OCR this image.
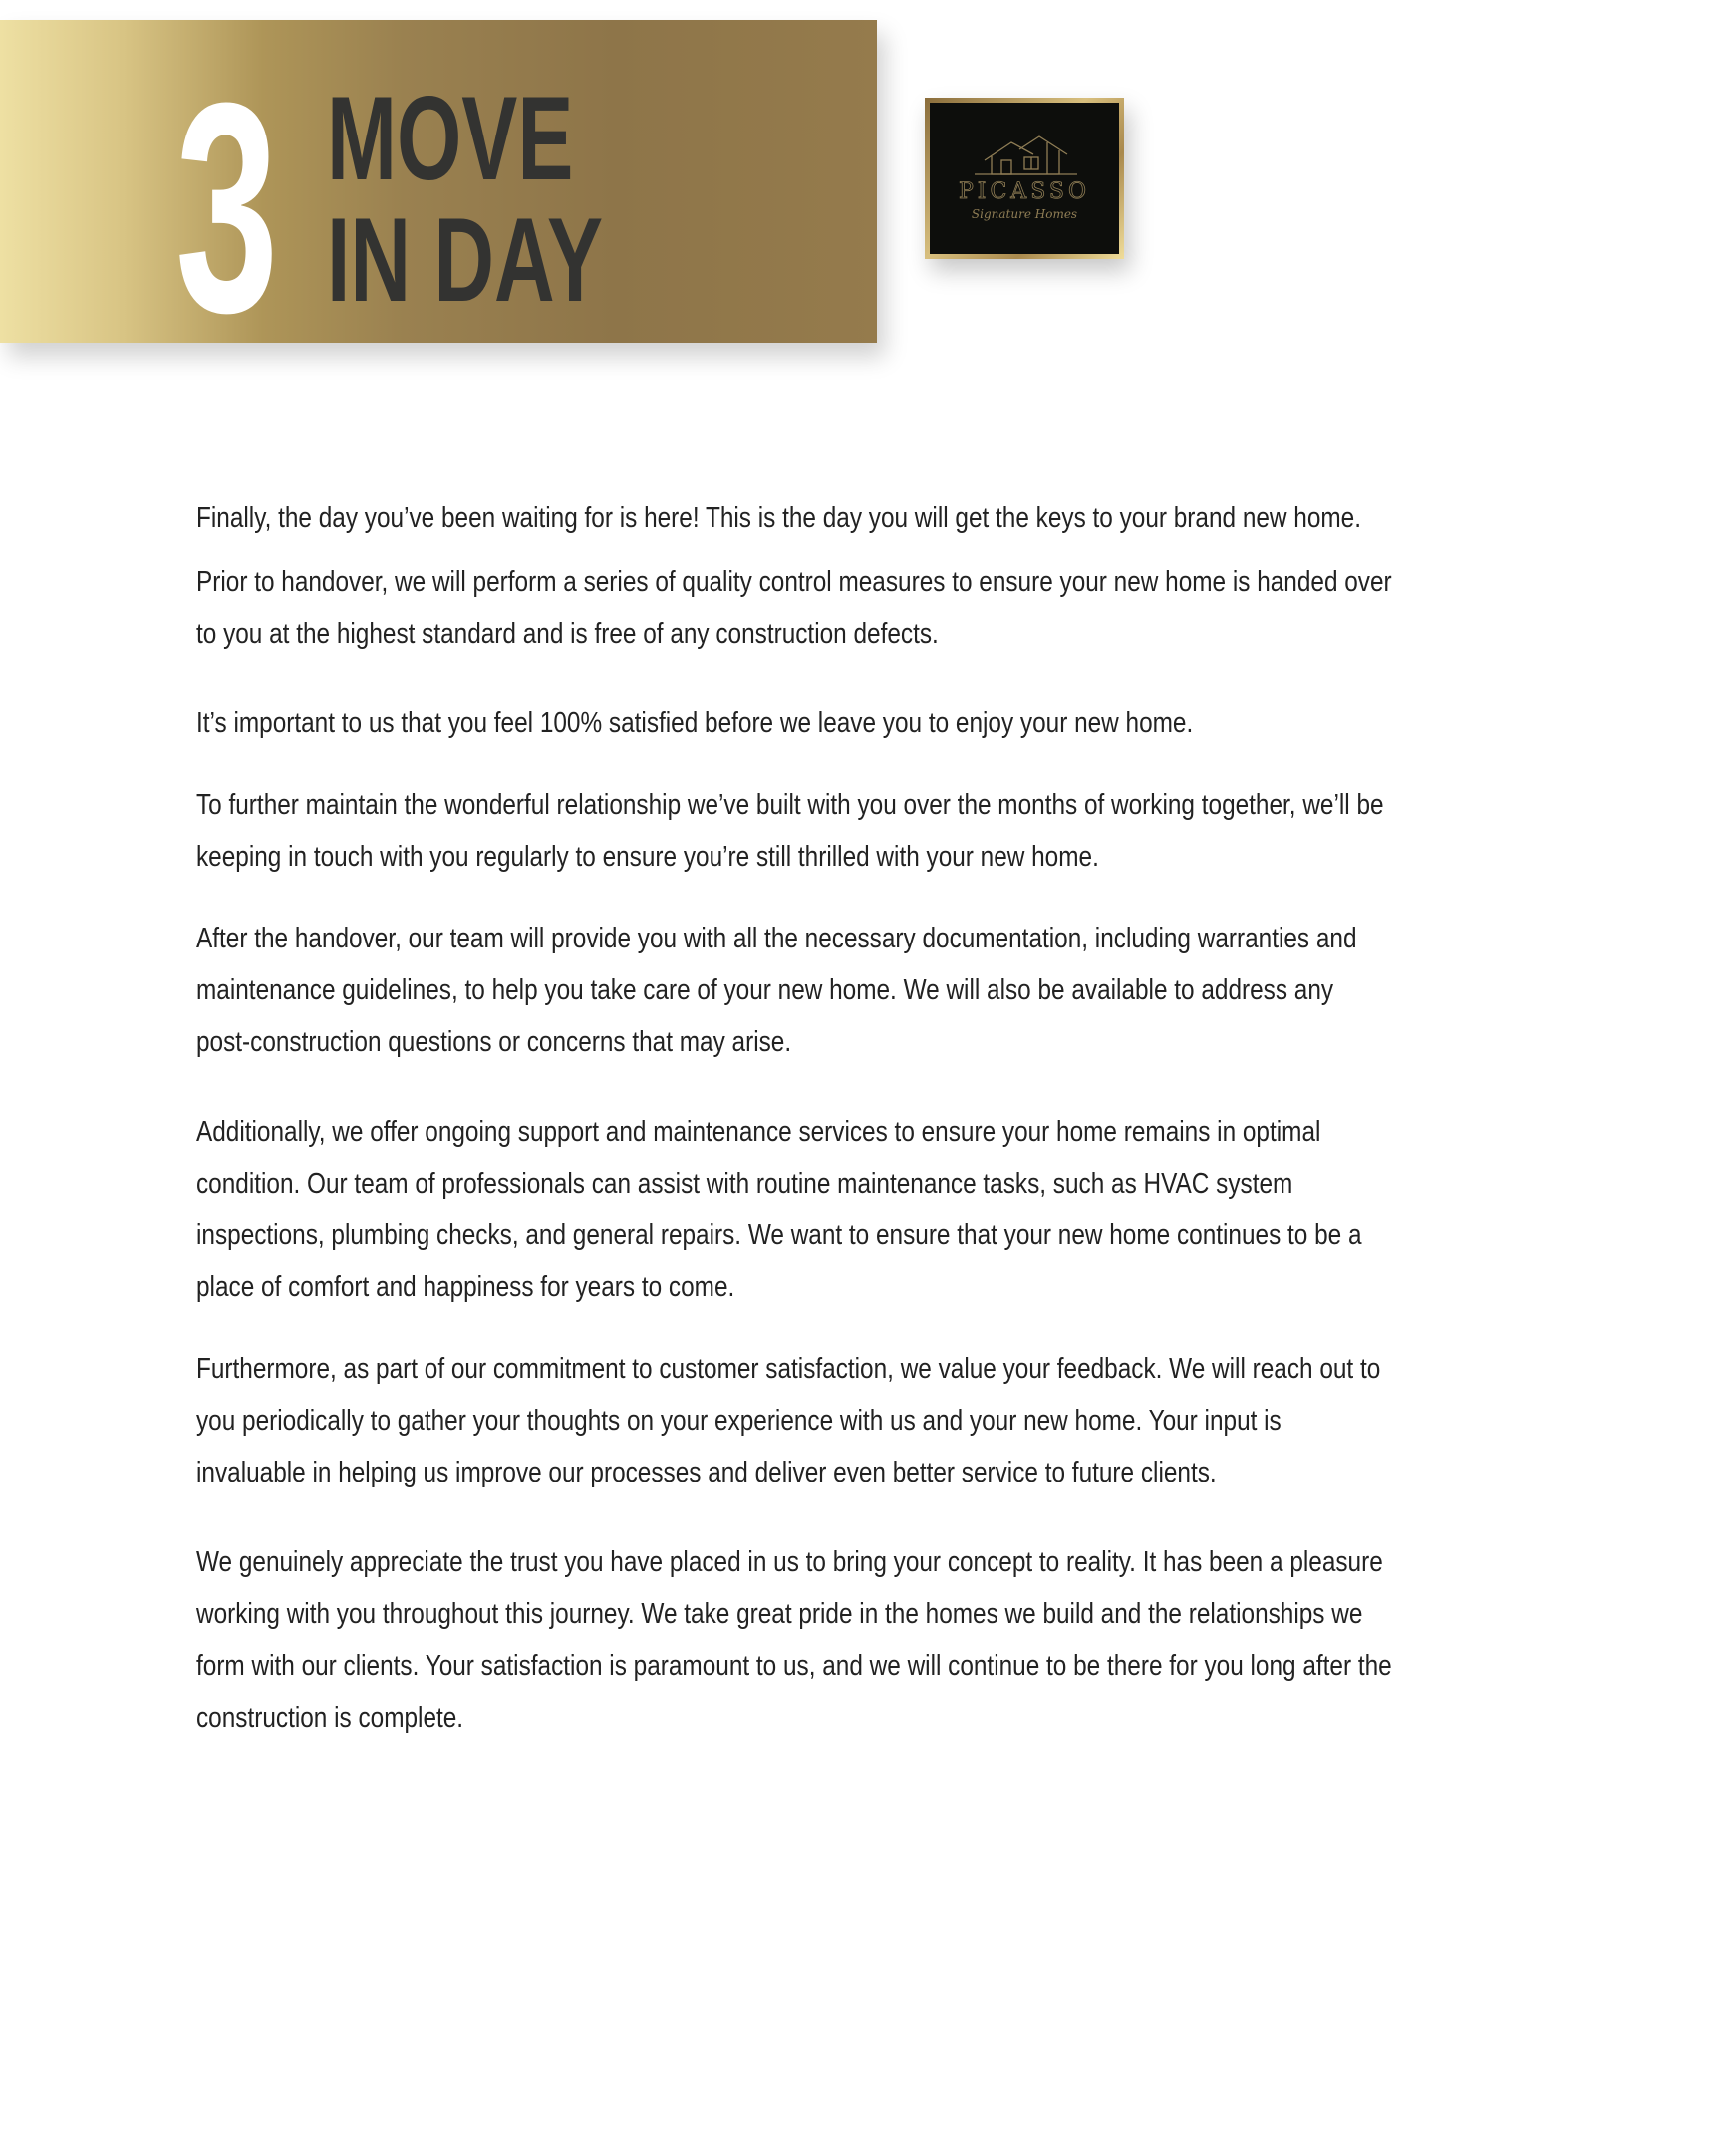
3 MOVE
IN DAY
PICASSO
Signature Homes

Finally, the day you’ve been waiting for is here! This is the day you will get the keys to your brand new home.

Prior to handover, we will perform a series of quality control measures to ensure your new home is handed over to you at the highest standard and is free of any construction defects.

It’s important to us that you feel 100% satisfied before we leave you to enjoy your new home.

To further maintain the wonderful relationship we’ve built with you over the months of working together, we’ll be keeping in touch with you regularly to ensure you’re still thrilled with your new home.

After the handover, our team will provide you with all the necessary documentation, including warranties and maintenance guidelines, to help you take care of your new home. We will also be available to address any post-construction questions or concerns that may arise.

Additionally, we offer ongoing support and maintenance services to ensure your home remains in optimal condition. Our team of professionals can assist with routine maintenance tasks, such as HVAC system inspections, plumbing checks, and general repairs. We want to ensure that your new home continues to be a place of comfort and happiness for years to come.

Furthermore, as part of our commitment to customer satisfaction, we value your feedback. We will reach out to you periodically to gather your thoughts on your experience with us and your new home. Your input is invaluable in helping us improve our processes and deliver even better service to future clients.

We genuinely appreciate the trust you have placed in us to bring your concept to reality. It has been a pleasure working with you throughout this journey. We take great pride in the homes we build and the relationships we form with our clients. Your satisfaction is paramount to us, and we will continue to be there for you long after the construction is complete.
